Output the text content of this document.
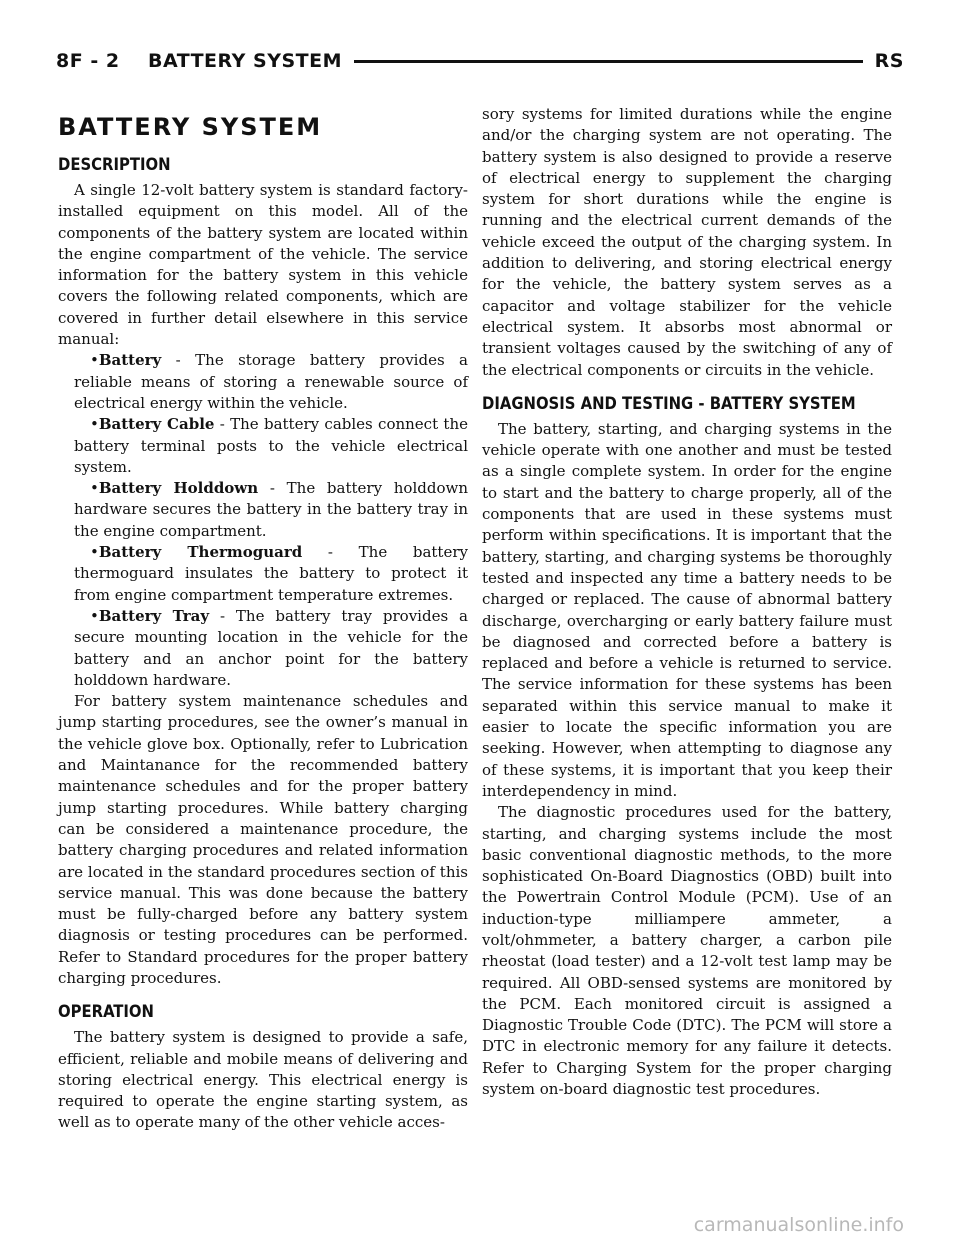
8F - 2    BATTERY SYSTEM	RS
BATTERY SYSTEM
DESCRIPTION

A single 12-volt battery system is standard factory-installed equipment on this model. All of the components of the battery system are located within the engine compartment of the vehicle. The service information for the battery system in this vehicle covers the following related components, which are covered in further detail elsewhere in this service manual:

•Battery - The storage battery provides a reliable means of storing a renewable source of electrical energy within the vehicle.

•Battery Cable - The battery cables connect the battery terminal posts to the vehicle electrical system.

•Battery Holddown - The battery holddown hardware secures the battery in the battery tray in the engine compartment.

•Battery Thermoguard - The battery thermoguard insulates the battery to protect it from engine compartment temperature extremes.

•Battery Tray - The battery tray provides a secure mounting location in the vehicle for the battery and an anchor point for the battery holddown hardware.

For battery system maintenance schedules and jump starting procedures, see the owner’s manual in the vehicle glove box. Optionally, refer to Lubrication and Maintanance for the recommended battery maintenance schedules and for the proper battery jump starting procedures. While battery charging can be considered a maintenance procedure, the battery charging procedures and related information are located in the standard procedures section of this service manual. This was done because the battery must be fully-charged before any battery system diagnosis or testing procedures can be performed. Refer to Standard procedures for the proper battery charging procedures.

OPERATION

The battery system is designed to provide a safe, efficient, reliable and mobile means of delivering and storing electrical energy. This electrical energy is required to operate the engine starting system, as well as to operate many of the other vehicle acces-

sory systems for limited durations while the engine and/or the charging system are not operating. The battery system is also designed to provide a reserve of electrical energy to supplement the charging system for short durations while the engine is running and the electrical current demands of the vehicle exceed the output of the charging system. In addition to delivering, and storing electrical energy for the vehicle, the battery system serves as a capacitor and voltage stabilizer for the vehicle electrical system. It absorbs most abnormal or transient voltages caused by the switching of any of the electrical components or circuits in the vehicle.

DIAGNOSIS AND TESTING - BATTERY SYSTEM

The battery, starting, and charging systems in the vehicle operate with one another and must be tested as a single complete system. In order for the engine to start and the battery to charge properly, all of the components that are used in these systems must perform within specifications. It is important that the battery, starting, and charging systems be thoroughly tested and inspected any time a battery needs to be charged or replaced. The cause of abnormal battery discharge, overcharging or early battery failure must be diagnosed and corrected before a battery is replaced and before a vehicle is returned to service. The service information for these systems has been separated within this service manual to make it easier to locate the specific information you are seeking. However, when attempting to diagnose any of these systems, it is important that you keep their interdependency in mind.

The diagnostic procedures used for the battery, starting, and charging systems include the most basic conventional diagnostic methods, to the more sophisticated On-Board Diagnostics (OBD) built into the Powertrain Control Module (PCM). Use of an induction-type milliampere ammeter, a volt/ohmmeter, a battery charger, a carbon pile rheostat (load tester) and a 12-volt test lamp may be required. All OBD-sensed systems are monitored by the PCM. Each monitored circuit is assigned a Diagnostic Trouble Code (DTC). The PCM will store a DTC in electronic memory for any failure it detects. Refer to Charging System for the proper charging system on-board diagnostic test procedures.

carmanualsonline.info
